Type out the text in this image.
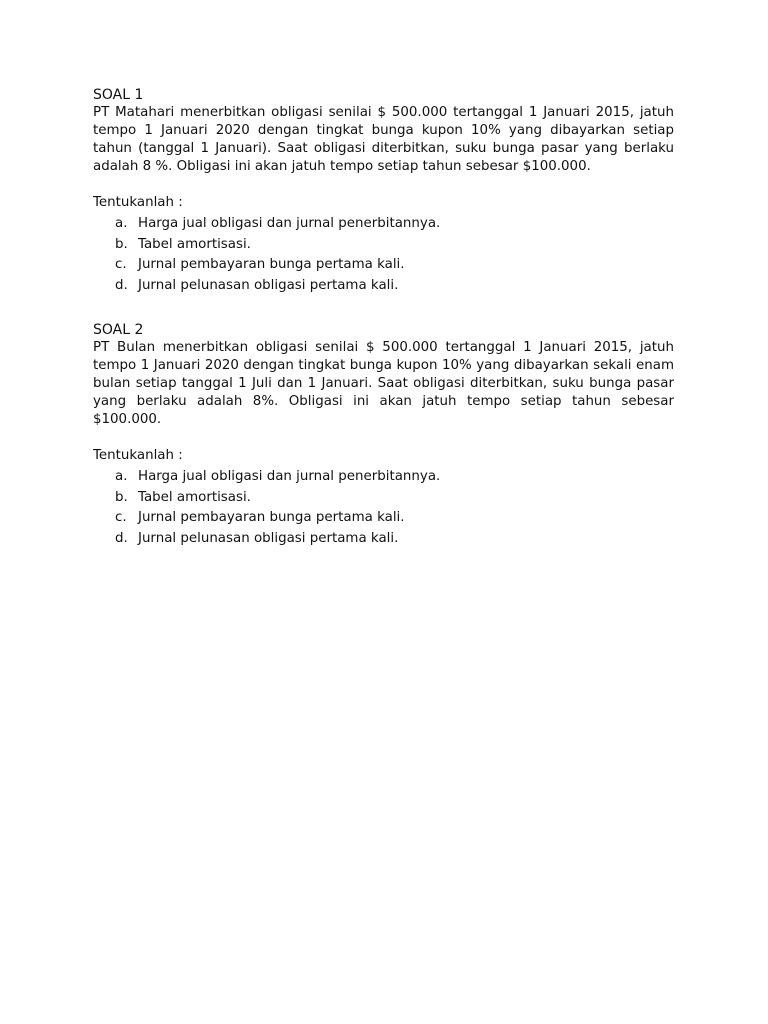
SOAL 1

PT Matahari menerbitkan obligasi senilai $ 500.000 tertanggal 1 Januari 2015, jatuh tempo 1 Januari 2020 dengan tingkat bunga kupon 10% yang dibayarkan setiap tahun (tanggal 1 Januari). Saat obligasi diterbitkan, suku bunga pasar yang berlaku adalah 8 %. Obligasi ini akan jatuh tempo setiap tahun sebesar $100.000.

Tentukanlah :

a. Harga jual obligasi dan jurnal penerbitannya.
b. Tabel amortisasi.
c. Jurnal pembayaran bunga pertama kali.
d. Jurnal pelunasan obligasi pertama kali.
SOAL 2

PT Bulan menerbitkan obligasi senilai $ 500.000 tertanggal 1 Januari 2015, jatuh tempo 1 Januari 2020 dengan tingkat bunga kupon 10% yang dibayarkan sekali enam bulan setiap tanggal 1 Juli dan 1 Januari. Saat obligasi diterbitkan, suku bunga pasar yang berlaku adalah 8%. Obligasi ini akan jatuh tempo setiap tahun sebesar $100.000.

Tentukanlah :

a. Harga jual obligasi dan jurnal penerbitannya.
b. Tabel amortisasi.
c. Jurnal pembayaran bunga pertama kali.
d. Jurnal pelunasan obligasi pertama kali.
